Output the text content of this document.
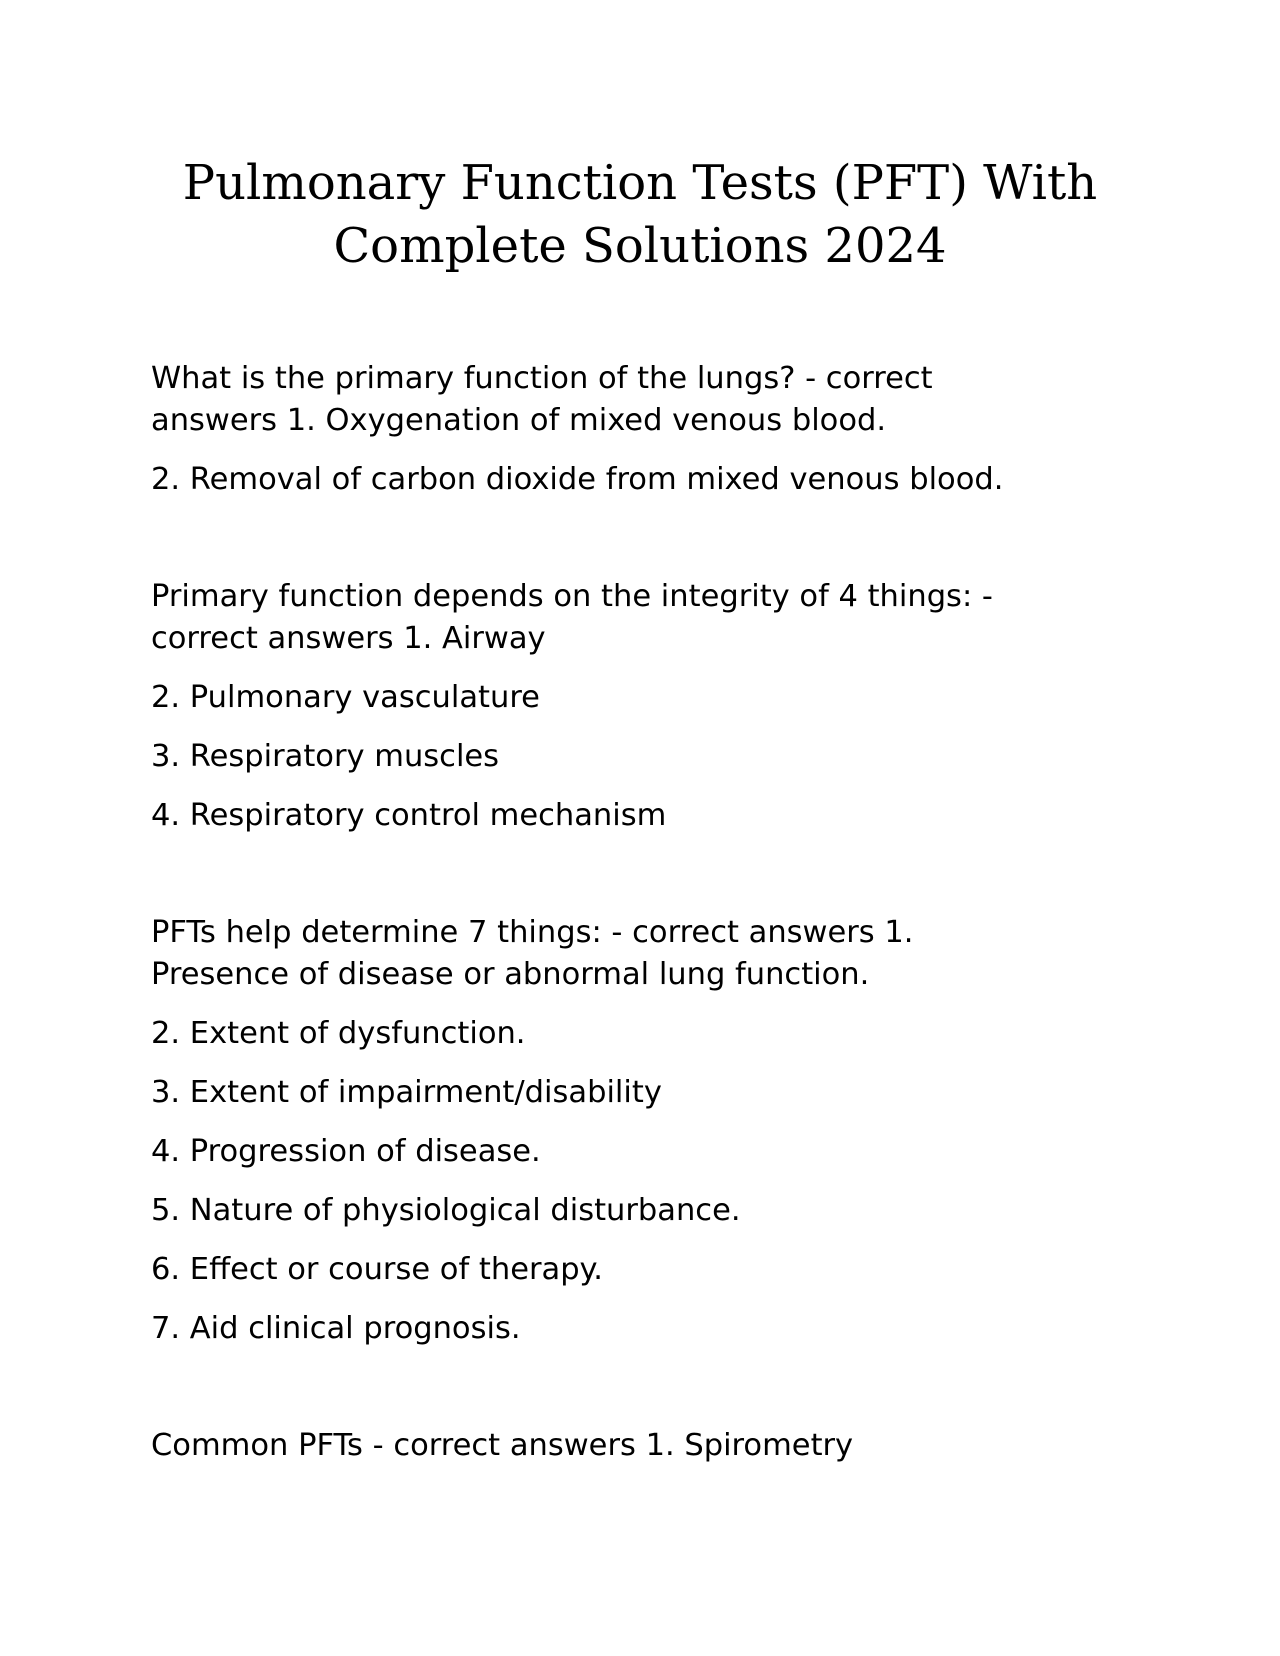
Pulmonary Function Tests (PFT) With
Complete Solutions 2024

What is the primary function of the lungs? - correct
answers 1. Oxygenation of mixed venous blood.

2. Removal of carbon dioxide from mixed venous blood.

Primary function depends on the integrity of 4 things: -
correct answers 1. Airway

2. Pulmonary vasculature

3. Respiratory muscles

4. Respiratory control mechanism

PFTs help determine 7 things: - correct answers 1.
Presence of disease or abnormal lung function.

2. Extent of dysfunction.

3. Extent of impairment/disability

4. Progression of disease.

5. Nature of physiological disturbance.

6. Effect or course of therapy.

7. Aid clinical prognosis.

Common PFTs - correct answers 1. Spirometry
